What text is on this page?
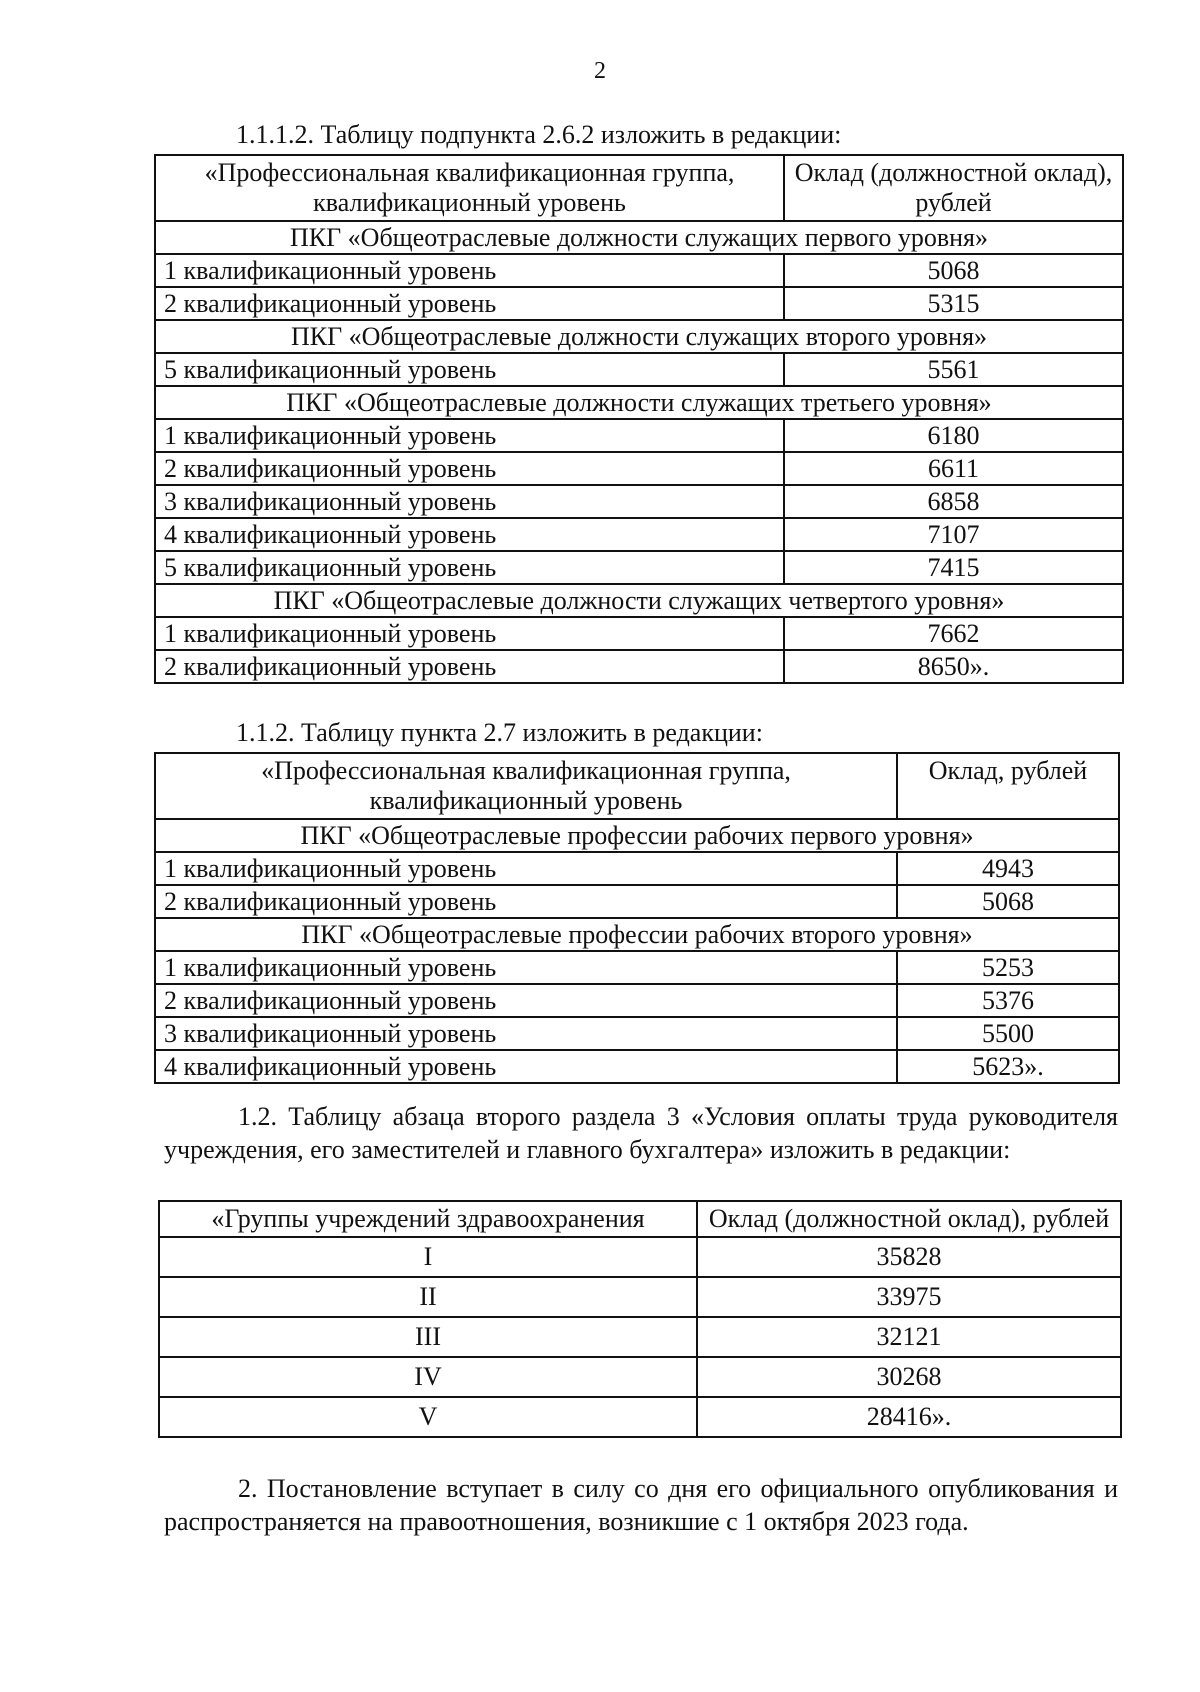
2
1.1.1.2. Таблицу подпункта 2.6.2 изложить в редакции:
«Профессиональная квалификационная группа, квалификационный уровень	Оклад (должностной оклад), рублей
ПКГ «Общеотраслевые должности служащих первого уровня»	
1 квалификационный уровень	5068
2 квалификационный уровень	5315
ПКГ «Общеотраслевые должности служащих второго уровня»	
5 квалификационный уровень	5561
ПКГ «Общеотраслевые должности служащих третьего уровня»	
1 квалификационный уровень	6180
2 квалификационный уровень	6611
3 квалификационный уровень	6858
4 квалификационный уровень	7107
5 квалификационный уровень	7415
ПКГ «Общеотраслевые должности служащих четвертого уровня»	
1 квалификационный уровень	7662
2 квалификационный уровень	8650».
1.1.2. Таблицу пункта 2.7 изложить в редакции:
«Профессиональная квалификационная группа, квалификационный уровень	Оклад, рублей
ПКГ «Общеотраслевые профессии рабочих первого уровня»	
1 квалификационный уровень	4943
2 квалификационный уровень	5068
ПКГ «Общеотраслевые профессии рабочих второго уровня»	
1 квалификационный уровень	5253
2 квалификационный уровень	5376
3 квалификационный уровень	5500
4 квалификационный уровень	5623».
1.2. Таблицу абзаца второго раздела 3 «Условия оплаты труда руководителя учреждения, его заместителей и главного бухгалтера» изложить в редакции:
«Группы учреждений здравоохранения	Оклад (должностной оклад), рублей
I	35828
II	33975
III	32121
IV	30268
V	28416».
2. Постановление вступает в силу со дня его официального опубликования и распространяется на правоотношения, возникшие с 1 октября 2023 года.
